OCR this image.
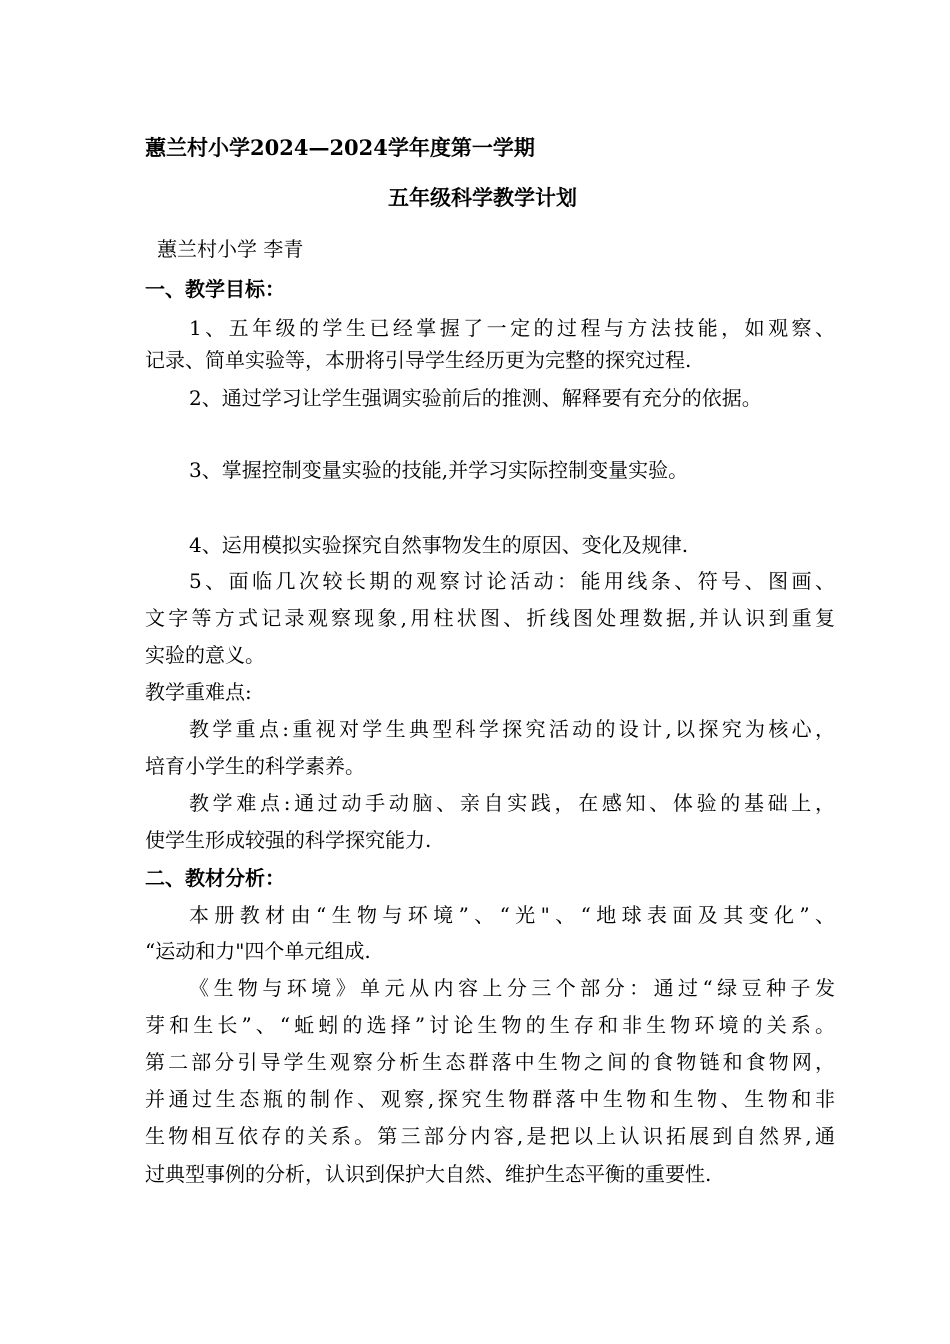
蕙兰村小学2024—2024学年度第一学期
五年级科学教学计划
蕙兰村小学 李青
一、教学目标：
1、五年级的学生已经掌握了一定的过程与方法技能，如观察、
记录、简单实验等，本册将引导学生经历更为完整的探究过程.
2、通过学习让学生强调实验前后的推测、解释要有充分的依据。
3、掌握控制变量实验的技能,并学习实际控制变量实验。
4、运用模拟实验探究自然事物发生的原因、变化及规律.
5、面临几次较长期的观察讨论活动：能用线条、符号、图画、
文字等方式记录观察现象,用柱状图、折线图处理数据,并认识到重复
实验的意义。
教学重难点:
教学重点:重视对学生典型科学探究活动的设计,以探究为核心，
培育小学生的科学素养。
教学难点:通过动手动脑、亲自实践，在感知、体验的基础上，
使学生形成较强的科学探究能力.
二、教材分析：
本册教材由“生物与环境”、“光"、“地球表面及其变化”、
“运动和力"四个单元组成.
《生物与环境》单元从内容上分三个部分：通过“绿豆种子发
芽和生长”、“蚯蚓的选择”讨论生物的生存和非生物环境的关系。
第二部分引导学生观察分析生态群落中生物之间的食物链和食物网，
并通过生态瓶的制作、观察,探究生物群落中生物和生物、生物和非
生物相互依存的关系。第三部分内容,是把以上认识拓展到自然界,通
过典型事例的分析，认识到保护大自然、维护生态平衡的重要性.
